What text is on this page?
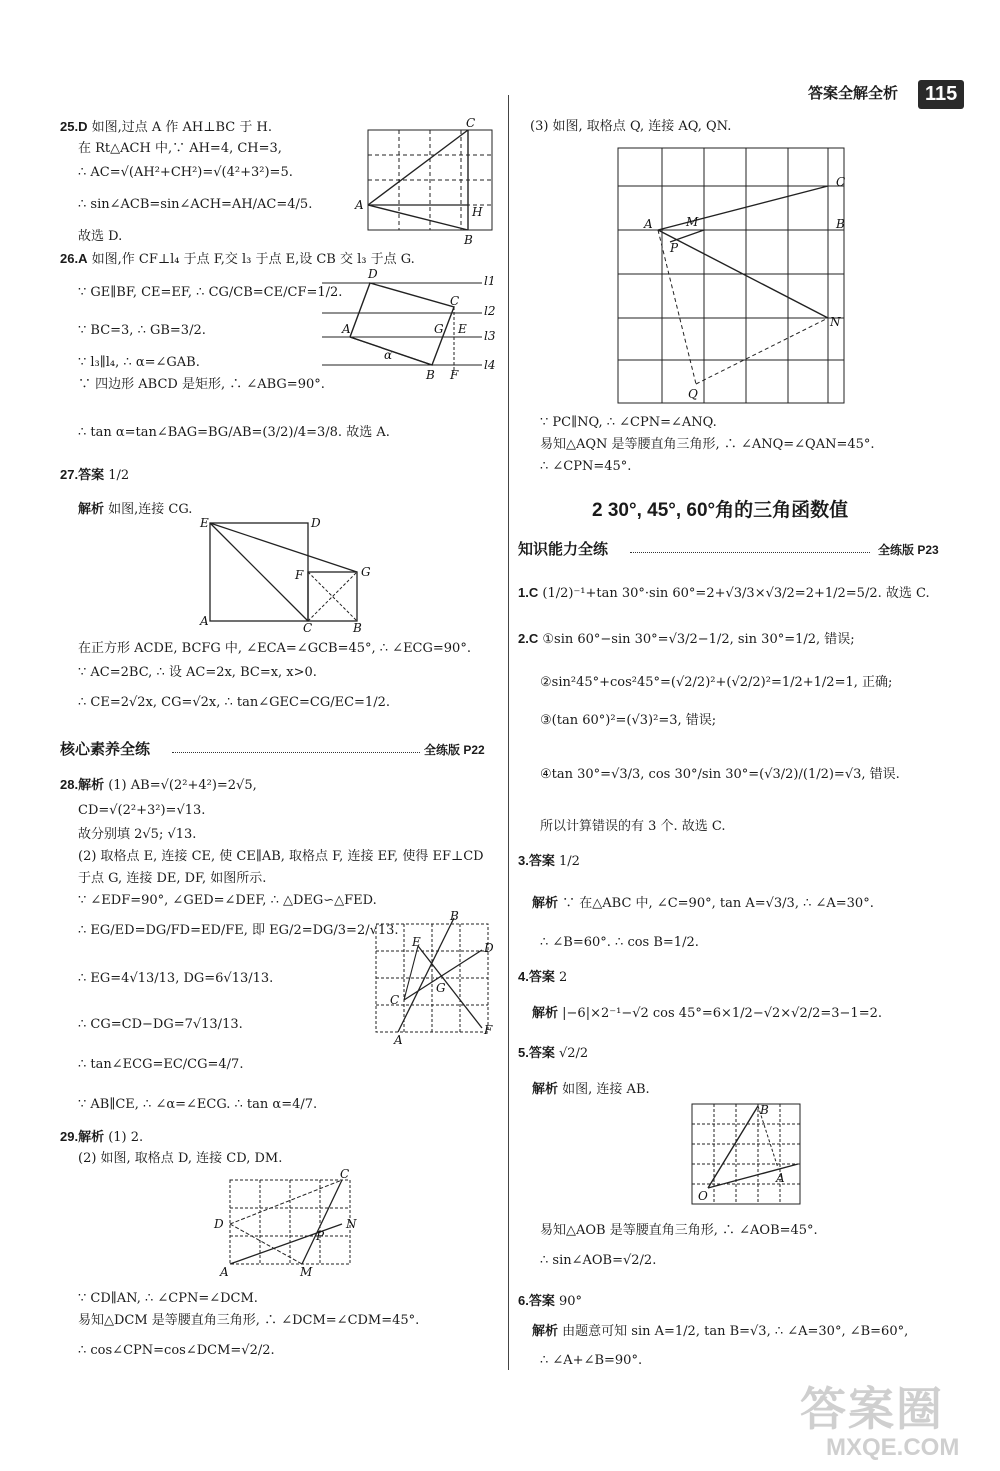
答案全解全析	115
25.D 如图,过点 A 作 AH⊥BC 于 H.
在 Rt△ACH 中,∵ AH=4, CH=3,
∴ AC=√(AH²+CH²)=√(4²+3²)=5.
∴ sin∠ACB=sin∠ACH=AH/AC=4/5.
故选 D.
C
A	H
B
26.A 如图,作 CF⊥l₄ 于点 F,交 l₃ 于点 E,设 CB 交 l₃ 于点 G.
∵ GE∥BF, CE=EF, ∴ CG/CB=CE/CF=1/2.
∵ BC=3, ∴ GB=3/2.
∵ l₃∥l₄, ∴ α=∠GAB.
∵ 四边形 ABCD 是矩形, ∴ ∠ABG=90°.
∴ tan α=tan∠BAG=BG/AB=(3/2)/4=3/8. 故选 A.
D	l1
C
l2
A	G E l3
α
B F
l4
27.答案 1/2
解析 如图,连接 CG.
E	D
F	G
A	C	B
在正方形 ACDE, BCFG 中, ∠ECA=∠GCB=45°, ∴ ∠ECG=90°.
∵ AC=2BC, ∴ 设 AC=2x, BC=x, x>0.
∴ CE=2√2x, CG=√2x, ∴ tan∠GEC=CG/EC=1/2.
核心素养全练	全练版 P22
28.解析 (1) AB=√(2²+4²)=2√5,
CD=√(2²+3²)=√13.
故分别填 2√5; √13.
(2) 取格点 E, 连接 CE, 使 CE∥AB, 取格点 F, 连接 EF, 使得 EF⊥CD
于点 G, 连接 DE, DF, 如图所示.
∵ ∠EDF=90°, ∠GED=∠DEF, ∴ △DEG∽△FED.
∴ EG/ED=DG/FD=ED/FE, 即 EG/2=DG/3=2/√13.
∴ EG=4√13/13, DG=6√13/13.
∴ CG=CD−DG=7√13/13.
∴ tan∠ECG=EC/CG=4/7.
∵ AB∥CE, ∴ ∠α=∠ECG. ∴ tan α=4/7.
B
E	D
C
G
A
F
29.解析 (1) 2.
(2) 如图, 取格点 D, 连接 CD, DM.
C
D	N
P
A	M
∵ CD∥AN, ∴ ∠CPN=∠DCM.
易知△DCM 是等腰直角三角形, ∴ ∠DCM=∠CDM=45°.
∴ cos∠CPN=cos∠DCM=√2/2.
(3) 如图, 取格点 Q, 连接 AQ, QN.
C
A	M	B
P
N
Q
∵ PC∥NQ, ∴ ∠CPN=∠ANQ.
易知△AQN 是等腰直角三角形, ∴ ∠ANQ=∠QAN=45°.
∴ ∠CPN=45°.
2 30°, 45°, 60°角的三角函数值
知识能力全练	全练版 P23
1.C (1/2)⁻¹+tan 30°·sin 60°=2+√3/3×√3/2=2+1/2=5/2. 故选 C.
2.C ①sin 60°−sin 30°=√3/2−1/2, sin 30°=1/2, 错误;
②sin²45°+cos²45°=(√2/2)²+(√2/2)²=1/2+1/2=1, 正确;
③(tan 60°)²=(√3)²=3, 错误;
④tan 30°=√3/3, cos 30°/sin 30°=(√3/2)/(1/2)=√3, 错误.
所以计算错误的有 3 个. 故选 C.
3.答案 1/2
解析 ∵ 在△ABC 中, ∠C=90°, tan A=√3/3, ∴ ∠A=30°.
∴ ∠B=60°. ∴ cos B=1/2.
4.答案 2
解析 |−6|×2⁻¹−√2 cos 45°=6×1/2−√2×√2/2=3−1=2.
5.答案 √2/2
解析 如图, 连接 AB.
B
A
O
易知△AOB 是等腰直角三角形, ∴ ∠AOB=45°.
∴ sin∠AOB=√2/2.
6.答案 90°
解析 由题意可知 sin A=1/2, tan B=√3, ∴ ∠A=30°, ∠B=60°,
∴ ∠A+∠B=90°.
答案圈
MXQE.COM
